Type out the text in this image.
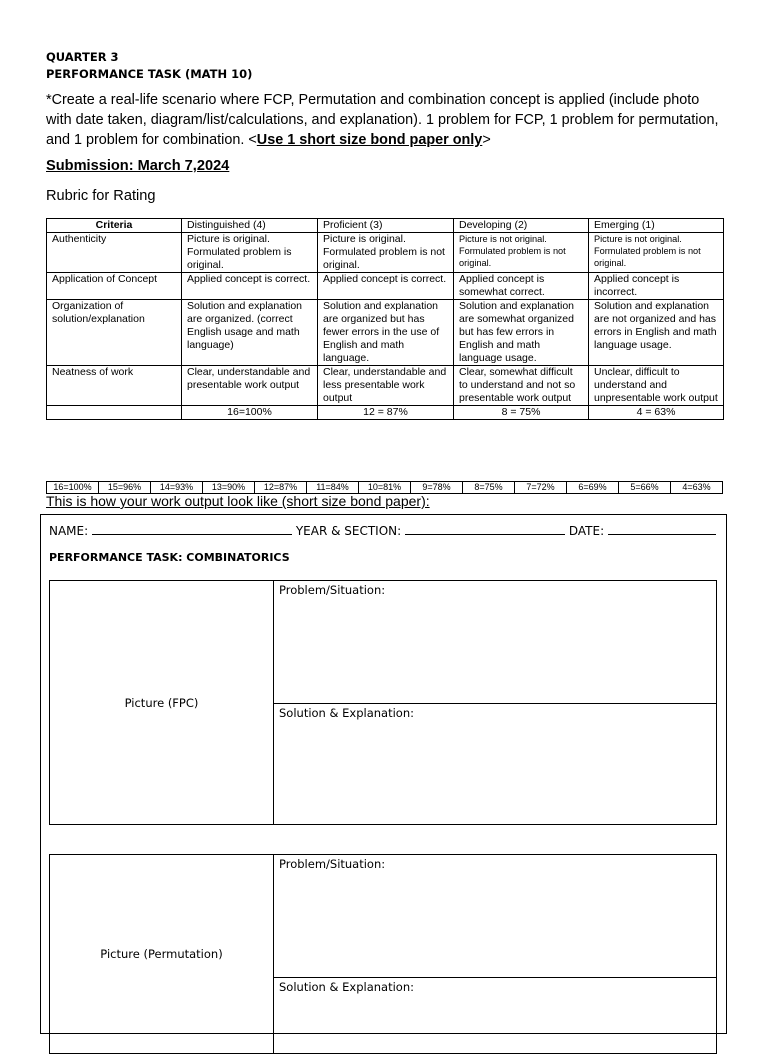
QUARTER 3
PERFORMANCE TASK (MATH 10)
*Create a real-life scenario where FCP, Permutation and combination concept is applied (include photo with date taken, diagram/list/calculations, and explanation). 1 problem for FCP, 1 problem for permutation, and 1 problem for combination. <Use 1 short size bond paper only>
Submission: March 7,2024
Rubric for Rating
Criteria	Distinguished (4)	Proficient (3)	Developing (2)	Emerging (1)
Authenticity	Picture is original. Formulated problem is original.	Picture is original. Formulated problem is not original.	Picture is not original. Formulated problem is not original.	Picture is not original. Formulated problem is not original.
Application of Concept	Applied concept is correct.	Applied concept is correct.	Applied concept is somewhat correct.	Applied concept is incorrect.
Organization of solution/explanation	Solution and explanation are organized. (correct English usage and math language)	Solution and explanation are organized but has fewer errors in the use of English and math language.	Solution and explanation are somewhat organized but has few errors in English and math language usage.	Solution and explanation are not organized and has errors in English and math language usage.
Neatness of work	Clear, understandable and presentable work output	Clear, understandable and less presentable work output	Clear, somewhat difficult to understand and not so presentable work output	Unclear, difficult to understand and unpresentable work output
	16=100%	12 = 87%	8 = 75%	4 = 63%
16=100%	15=96%	14=93%	13=90%	12=87%	11=84%	10=81%	9=78%	8=75%	7=72%	6=69%	5=66%	4=63%
This is how your work output look like (short size bond paper):
NAME:	YEAR & SECTION:	DATE:
PERFORMANCE TASK: COMBINATORICS
Picture (FPC)
Problem/Situation:
Solution & Explanation:
Picture (Permutation)
Problem/Situation:
Solution & Explanation:
